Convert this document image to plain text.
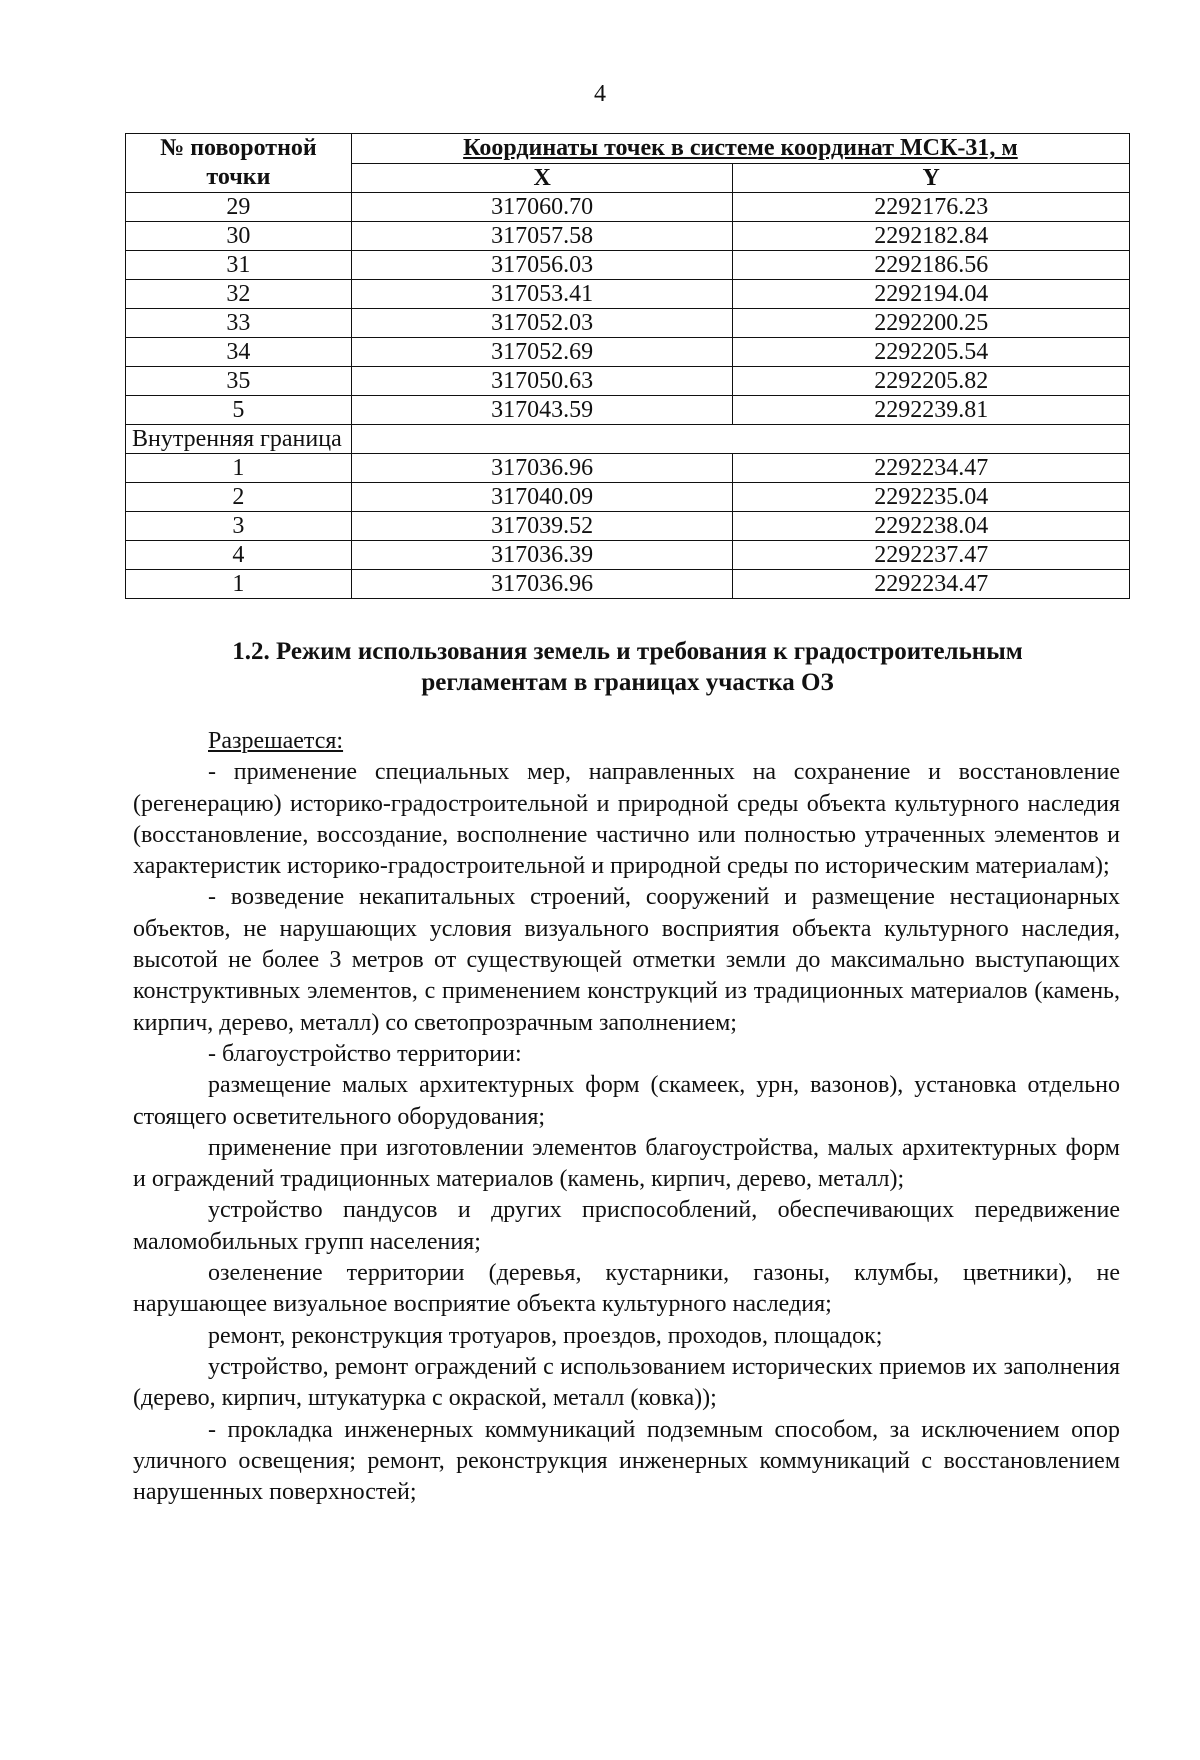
4
№ поворотной точки	Координаты точек в системе координат МСК-31, м	
	X	Y
29	317060.70	2292176.23
30	317057.58	2292182.84
31	317056.03	2292186.56
32	317053.41	2292194.04
33	317052.03	2292200.25
34	317052.69	2292205.54
35	317050.63	2292205.82
5	317043.59	2292239.81
Внутренняя граница		
1	317036.96	2292234.47
2	317040.09	2292235.04
3	317039.52	2292238.04
4	317036.39	2292237.47
1	317036.96	2292234.47
1.2. Режим использования земель и требования к градостроительным
регламентам в границах участка ОЗ

Разрешается:

- применение специальных мер, направленных на сохранение и восстановление (регенерацию) историко-градостроительной и природной среды объекта культурного наследия (восстановление, воссоздание, восполнение частично или полностью утраченных элементов и характеристик историко-градостроительной и природной среды по историческим материалам);

- возведение некапитальных строений, сооружений и размещение нестационарных объектов, не нарушающих условия визуального восприятия объекта культурного наследия, высотой не более 3 метров от существующей отметки земли до максимально выступающих конструктивных элементов, с применением конструкций из традиционных материалов (камень, кирпич, дерево, металл) со светопрозрачным заполнением;

- благоустройство территории:

размещение малых архитектурных форм (скамеек, урн, вазонов), установка отдельно стоящего осветительного оборудования;

применение при изготовлении элементов благоустройства, малых архитектурных форм и ограждений традиционных материалов (камень, кирпич, дерево, металл);

устройство пандусов и других приспособлений, обеспечивающих передвижение маломобильных групп населения;

озеленение территории (деревья, кустарники, газоны, клумбы, цветники), не нарушающее визуальное восприятие объекта культурного наследия;

ремонт, реконструкция тротуаров, проездов, проходов, площадок;

устройство, ремонт ограждений с использованием исторических приемов их заполнения (дерево, кирпич, штукатурка с окраской, металл (ковка));

- прокладка инженерных коммуникаций подземным способом, за исключением опор уличного освещения; ремонт, реконструкция инженерных коммуникаций с восстановлением нарушенных поверхностей;
